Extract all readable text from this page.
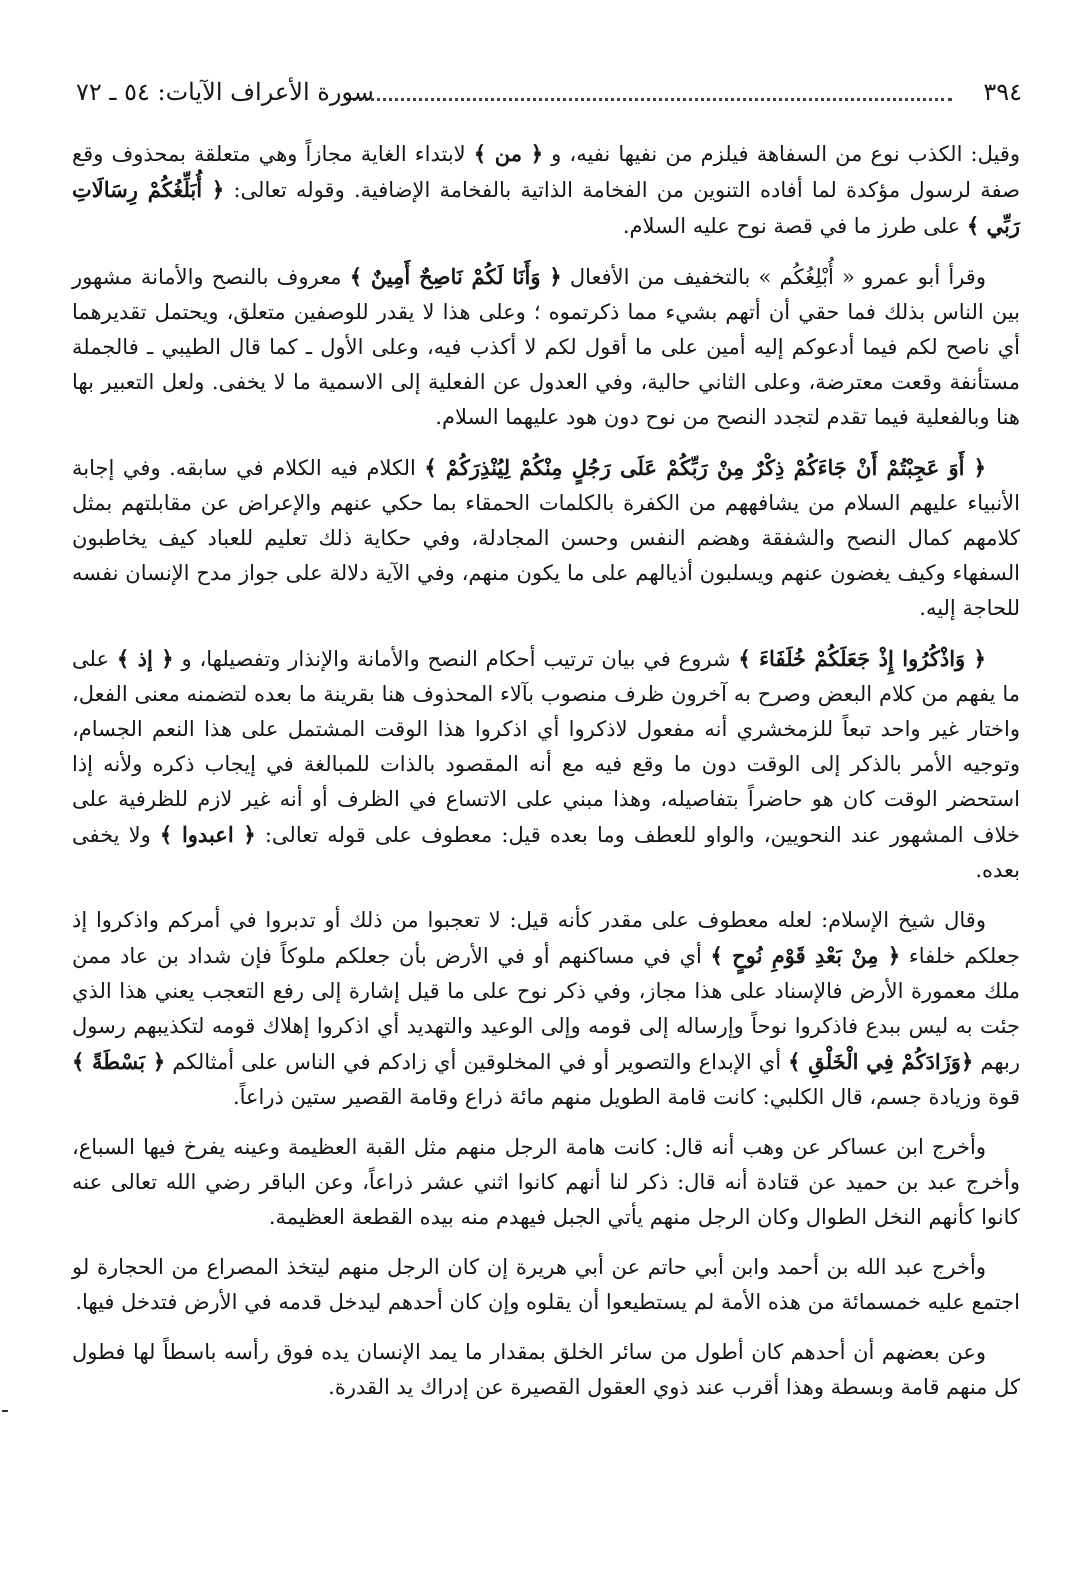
٣٩٤
سورة الأعراف الآيات: ٥٤ ـ ٧٢

وقيل: الكذب نوع من السفاهة فيلزم من نفيها نفيه، و ﴿ من ﴾ لابتداء الغاية مجازاً وهي متعلقة بمحذوف وقع صفة لرسول مؤكدة لما أفاده التنوين من الفخامة الذاتية بالفخامة الإضافية. وقوله تعالى: ﴿ أُبَلِّغُكُمْ رِسَالَاتِ رَبِّي ﴾ على طرز ما في قصة نوح عليه السلام.

وقرأ أبو عمرو « أُبْلِغُكُم » بالتخفيف من الأفعال ﴿ وَأَنَا لَكُمْ نَاصِحٌ أَمِينٌ ﴾ معروف بالنصح والأمانة مشهور بين الناس بذلك فما حقي أن أتهم بشيء مما ذكرتموه ؛ وعلى هذا لا يقدر للوصفين متعلق، ويحتمل تقديرهما أي ناصح لكم فيما أدعوكم إليه أمين على ما أقول لكم لا أكذب فيه، وعلى الأول ـ كما قال الطيبي ـ فالجملة مستأنفة وقعت معترضة، وعلى الثاني حالية، وفي العدول عن الفعلية إلى الاسمية ما لا يخفى. ولعل التعبير بها هنا وبالفعلية فيما تقدم لتجدد النصح من نوح دون هود عليهما السلام.

﴿ أَوَ عَجِبْتُمْ أَنْ جَاءَكُمْ ذِكْرٌ مِنْ رَبِّكُمْ عَلَى رَجُلٍ مِنْكُمْ لِيُنْذِرَكُمْ ﴾ الكلام فيه الكلام في سابقه. وفي إجابة الأنبياء عليهم السلام من يشافههم من الكفرة بالكلمات الحمقاء بما حكي عنهم والإعراض عن مقابلتهم بمثل كلامهم كمال النصح والشفقة وهضم النفس وحسن المجادلة، وفي حكاية ذلك تعليم للعباد كيف يخاطبون السفهاء وكيف يغضون عنهم ويسلبون أذيالهم على ما يكون منهم، وفي الآية دلالة على جواز مدح الإنسان نفسه للحاجة إليه.

﴿ وَاذْكُرُوا إِذْ جَعَلَكُمْ خُلَفَاءَ ﴾ شروع في بيان ترتيب أحكام النصح والأمانة والإنذار وتفصيلها، و ﴿ إذ ﴾ على ما يفهم من كلام البعض وصرح به آخرون ظرف منصوب بآلاء المحذوف هنا بقرينة ما بعده لتضمنه معنى الفعل، واختار غير واحد تبعاً للزمخشري أنه مفعول لاذكروا أي اذكروا هذا الوقت المشتمل على هذا النعم الجسام، وتوجيه الأمر بالذكر إلى الوقت دون ما وقع فيه مع أنه المقصود بالذات للمبالغة في إيجاب ذكره ولأنه إذا استحضر الوقت كان هو حاضراً بتفاصيله، وهذا مبني على الاتساع في الظرف أو أنه غير لازم للظرفية على خلاف المشهور عند النحويين، والواو للعطف وما بعده قيل: معطوف على قوله تعالى: ﴿ اعبدوا ﴾ ولا يخفى بعده.

وقال شيخ الإسلام: لعله معطوف على مقدر كأنه قيل: لا تعجبوا من ذلك أو تدبروا في أمركم واذكروا إذ جعلكم خلفاء ﴿ مِنْ بَعْدِ قَوْمِ نُوحٍ ﴾ أي في مساكنهم أو في الأرض بأن جعلكم ملوكاً فإن شداد بن عاد ممن ملك معمورة الأرض فالإسناد على هذا مجاز، وفي ذكر نوح على ما قيل إشارة إلى رفع التعجب يعني هذا الذي جئت به ليس ببدع فاذكروا نوحاً وإرساله إلى قومه وإلى الوعيد والتهديد أي اذكروا إهلاك قومه لتكذيبهم رسول ربهم ﴿وَزَادَكُمْ فِي الْخَلْقِ ﴾ أي الإبداع والتصوير أو في المخلوقين أي زادكم في الناس على أمثالكم ﴿ بَسْطَةً ﴾ قوة وزيادة جسم، قال الكلبي: كانت قامة الطويل منهم مائة ذراع وقامة القصير ستين ذراعاً.

وأخرج ابن عساكر عن وهب أنه قال: كانت هامة الرجل منهم مثل القبة العظيمة وعينه يفرخ فيها السباع، وأخرج عبد بن حميد عن قتادة أنه قال: ذكر لنا أنهم كانوا اثني عشر ذراعاً، وعن الباقر رضي الله تعالى عنه كانوا كأنهم النخل الطوال وكان الرجل منهم يأتي الجبل فيهدم منه بيده القطعة العظيمة.

وأخرج عبد الله بن أحمد وابن أبي حاتم عن أبي هريرة إن كان الرجل منهم ليتخذ المصراع من الحجارة لو اجتمع عليه خمسمائة من هذه الأمة لم يستطيعوا أن يقلوه وإن كان أحدهم ليدخل قدمه في الأرض فتدخل فيها.

وعن بعضهم أن أحدهم كان أطول من سائر الخلق بمقدار ما يمد الإنسان يده فوق رأسه باسطاً لها فطول كل منهم قامة وبسطة وهذا أقرب عند ذوي العقول القصيرة عن إدراك يد القدرة.
